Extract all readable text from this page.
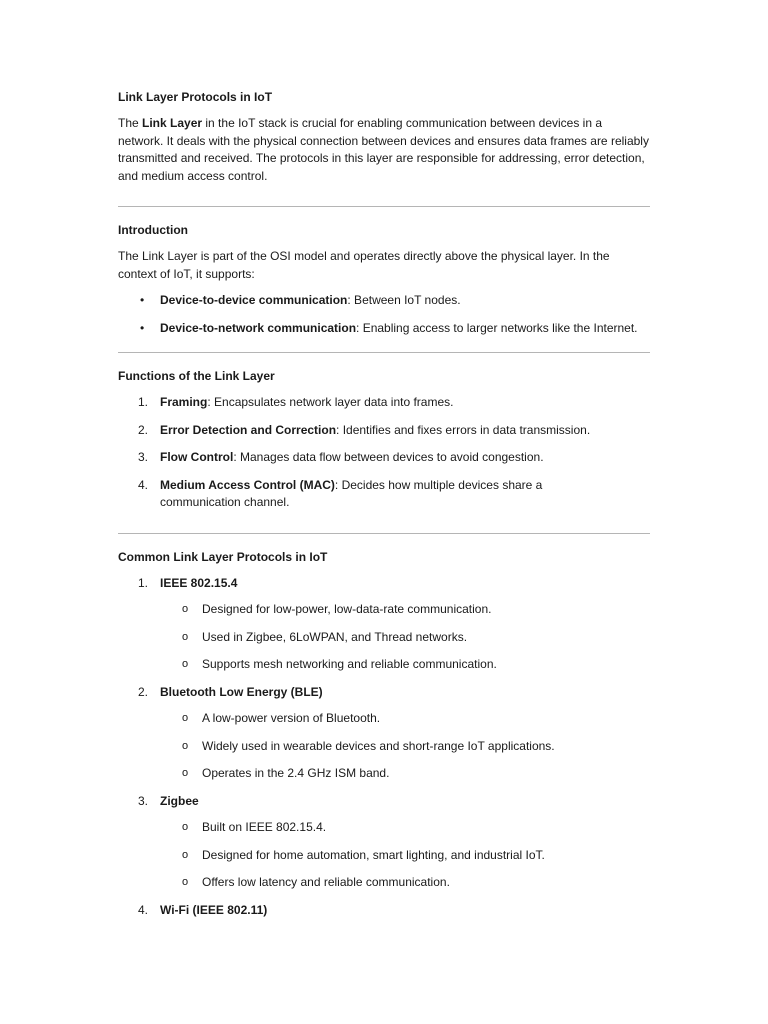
Link Layer Protocols in IoT

The Link Layer in the IoT stack is crucial for enabling communication between devices in a network. It deals with the physical connection between devices and ensures data frames are reliably transmitted and received. The protocols in this layer are responsible for addressing, error detection, and medium access control.

Introduction

The Link Layer is part of the OSI model and operates directly above the physical layer. In the context of IoT, it supports:

• Device-to-device communication: Between IoT nodes.
• Device-to-network communication: Enabling access to larger networks like the Internet.

Functions of the Link Layer

1. Framing: Encapsulates network layer data into frames.
2. Error Detection and Correction: Identifies and fixes errors in data transmission.
3. Flow Control: Manages data flow between devices to avoid congestion.
4. Medium Access Control (MAC): Decides how multiple devices share a communication channel.

Common Link Layer Protocols in IoT

1. IEEE 802.15.4
o Designed for low-power, low-data-rate communication.
o Used in Zigbee, 6LoWPAN, and Thread networks.
o Supports mesh networking and reliable communication.
2. Bluetooth Low Energy (BLE)
o A low-power version of Bluetooth.
o Widely used in wearable devices and short-range IoT applications.
o Operates in the 2.4 GHz ISM band.
3. Zigbee
o Built on IEEE 802.15.4.
o Designed for home automation, smart lighting, and industrial IoT.
o Offers low latency and reliable communication.
4. Wi-Fi (IEEE 802.11)
